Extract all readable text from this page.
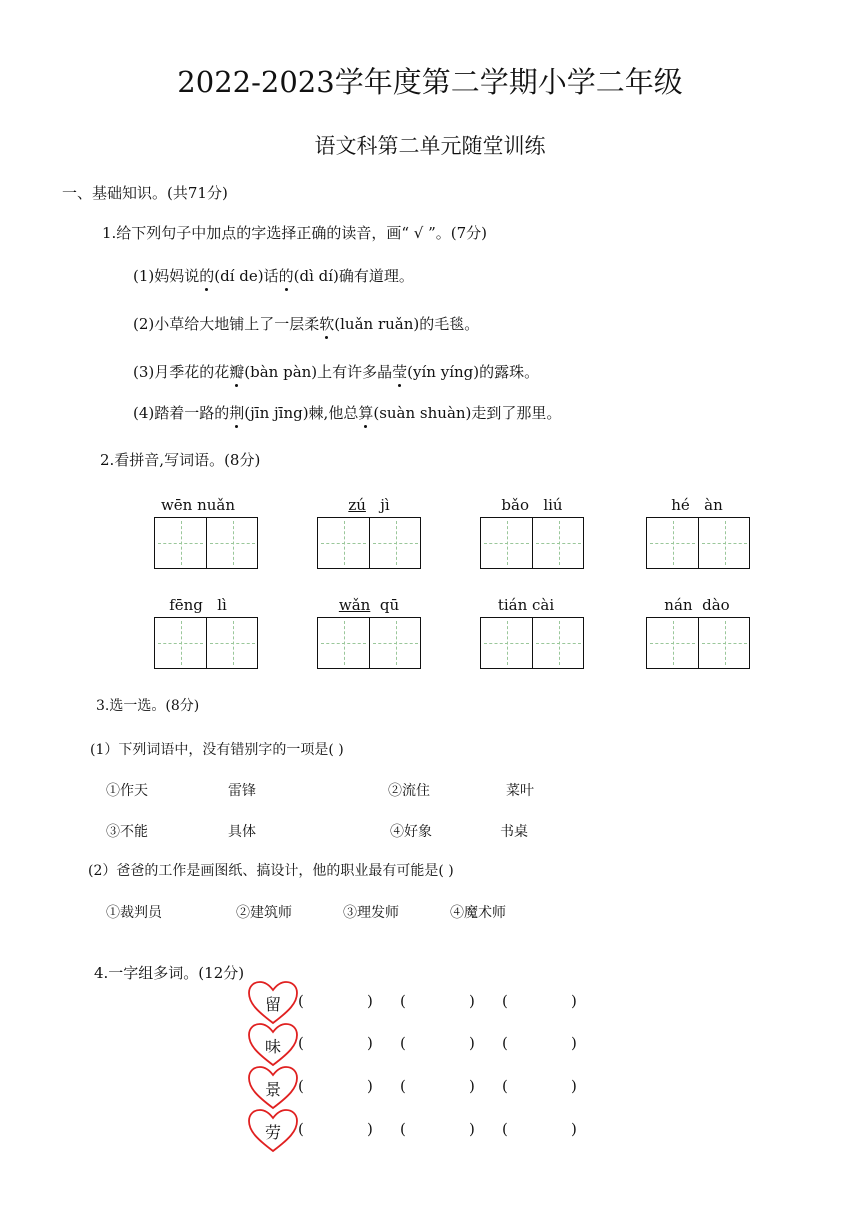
2022-2023学年度第二学期小学二年级
语文科第二单元随堂训练
一、基础知识。(共71分)
1.给下列句子中加点的字选择正确的读音，画“ √ ”。(7分)
(1)妈妈说的(dí de)话的(dì dí)确有道理。
(2)小草给大地铺上了一层柔软(luǎn ruǎn)的毛毯。
(3)月季花的花瓣(bàn pàn)上有许多晶莹(yín yíng)的露珠。
(4)踏着一路的荆(jīn jīng)棘,他总算(suàn shuàn)走到了那里。
2.看拼音,写词语。(8分)
wēn nuǎn	zú jì	bǎo liú	hé àn
fēng lì	wǎn qū	tián cài	nán dào
3.选一选。(8分)
(1）下列词语中，没有错别字的一项是( )
①作天	雷锋	②流住	菜叶
③不能	具体	④好象	书桌
(2）爸爸的工作是画图纸、搞设计，他的职业最有可能是( )
①裁判员	②建筑师	③理发师	④魔术师
4.一字组多词。(12分)
留	(	) (	) (	)
味	(	) (	) (	)
景	(	) (	) (	)
劳	(	) (	) (	)
